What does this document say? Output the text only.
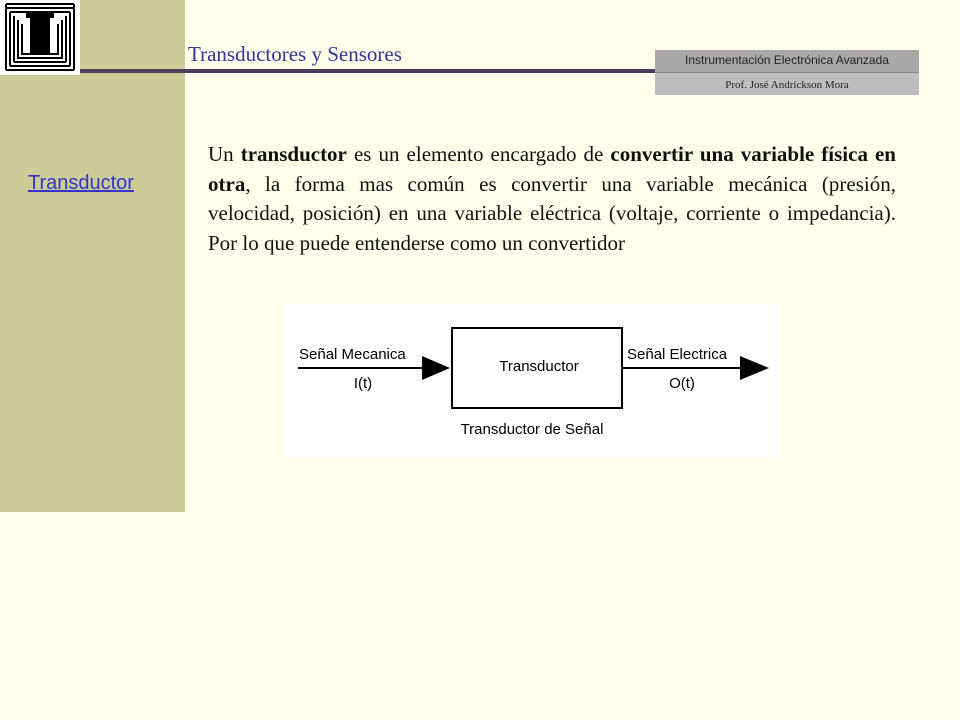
Transductor
Transductores y Sensores	Instrumentación Electrónica Avanzada
Prof. José Andrickson Mora
Un transductor es un elemento encargado de convertir una variable física en otra, la forma mas común es convertir una variable mecánica (presión, velocidad, posición) en una variable eléctrica (voltaje, corriente o impedancia). Por lo que puede entenderse como un convertidor
Señal Mecanica
I(t)
Transductor
Señal Electrica
O(t)
Transductor de Señal
